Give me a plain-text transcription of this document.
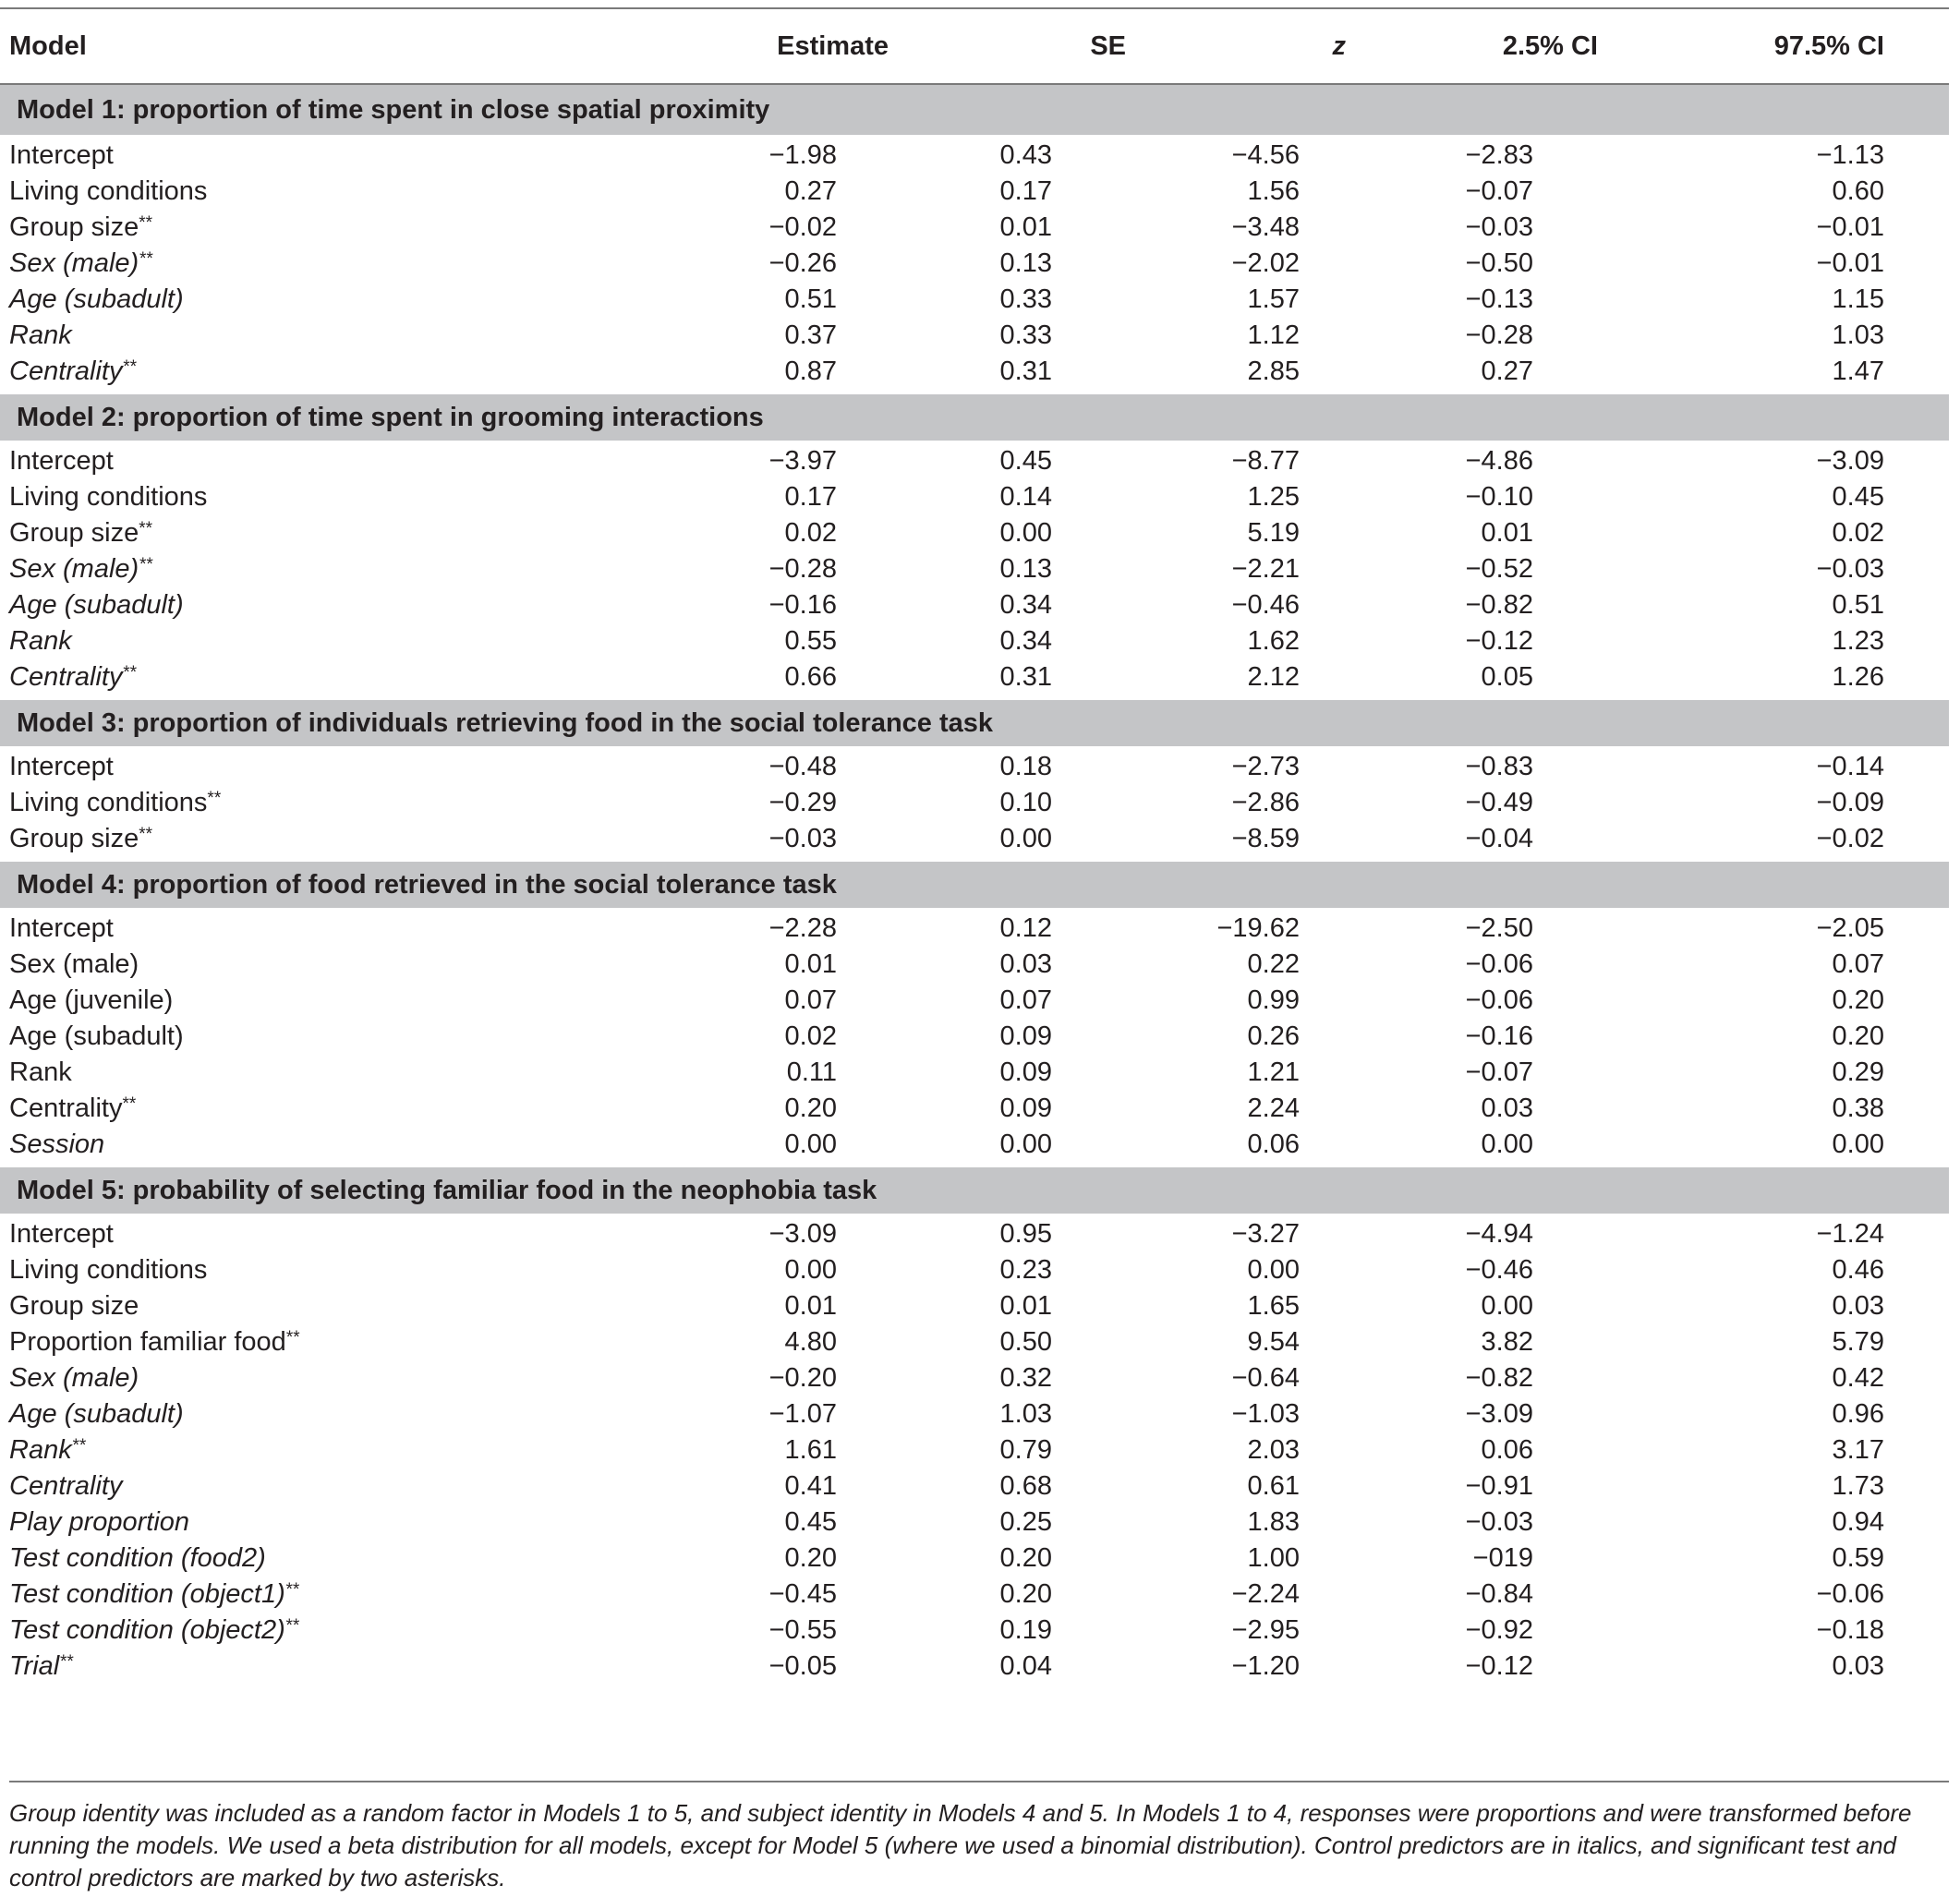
Model	Estimate	SE	z	2.5% CI	97.5% CI
Model 1: proportion of time spent in close spatial proximity					
Intercept	−1.98	0.43	−4.56	−2.83	−1.13
Living conditions	0.27	0.17	1.56	−0.07	0.60
Group size**	−0.02	0.01	−3.48	−0.03	−0.01
Sex (male)**	−0.26	0.13	−2.02	−0.50	−0.01
Age (subadult)	0.51	0.33	1.57	−0.13	1.15
Rank	0.37	0.33	1.12	−0.28	1.03
Centrality**	0.87	0.31	2.85	0.27	1.47

Model 2: proportion of time spent in grooming interactions					
Intercept	−3.97	0.45	−8.77	−4.86	−3.09
Living conditions	0.17	0.14	1.25	−0.10	0.45
Group size**	0.02	0.00	5.19	0.01	0.02
Sex (male)**	−0.28	0.13	−2.21	−0.52	−0.03
Age (subadult)	−0.16	0.34	−0.46	−0.82	0.51
Rank	0.55	0.34	1.62	−0.12	1.23
Centrality**	0.66	0.31	2.12	0.05	1.26

Model 3: proportion of individuals retrieving food in the social tolerance task					
Intercept	−0.48	0.18	−2.73	−0.83	−0.14
Living conditions**	−0.29	0.10	−2.86	−0.49	−0.09
Group size**	−0.03	0.00	−8.59	−0.04	−0.02

Model 4: proportion of food retrieved in the social tolerance task					
Intercept	−2.28	0.12	−19.62	−2.50	−2.05
Sex (male)	0.01	0.03	0.22	−0.06	0.07
Age (juvenile)	0.07	0.07	0.99	−0.06	0.20
Age (subadult)	0.02	0.09	0.26	−0.16	0.20
Rank	0.11	0.09	1.21	−0.07	0.29
Centrality**	0.20	0.09	2.24	0.03	0.38
Session	0.00	0.00	0.06	0.00	0.00

Model 5: probability of selecting familiar food in the neophobia task					
Intercept	−3.09	0.95	−3.27	−4.94	−1.24
Living conditions	0.00	0.23	0.00	−0.46	0.46
Group size	0.01	0.01	1.65	0.00	0.03
Proportion familiar food**	4.80	0.50	9.54	3.82	5.79
Sex (male)	−0.20	0.32	−0.64	−0.82	0.42
Age (subadult)	−1.07	1.03	−1.03	−3.09	0.96
Rank**	1.61	0.79	2.03	0.06	3.17
Centrality	0.41	0.68	0.61	−0.91	1.73
Play proportion	0.45	0.25	1.83	−0.03	0.94
Test condition (food2)	0.20	0.20	1.00	−019	0.59
Test condition (object1)**	−0.45	0.20	−2.24	−0.84	−0.06
Test condition (object2)**	−0.55	0.19	−2.95	−0.92	−0.18
Trial**	−0.05	0.04	−1.20	−0.12	0.03

Group identity was included as a random factor in Models 1 to 5, and subject identity in Models 4 and 5. In Models 1 to 4, responses were proportions and were transformed before running the models. We used a beta distribution for all models, except for Model 5 (where we used a binomial distribution). Control predictors are in italics, and significant test and control predictors are marked by two asterisks.
